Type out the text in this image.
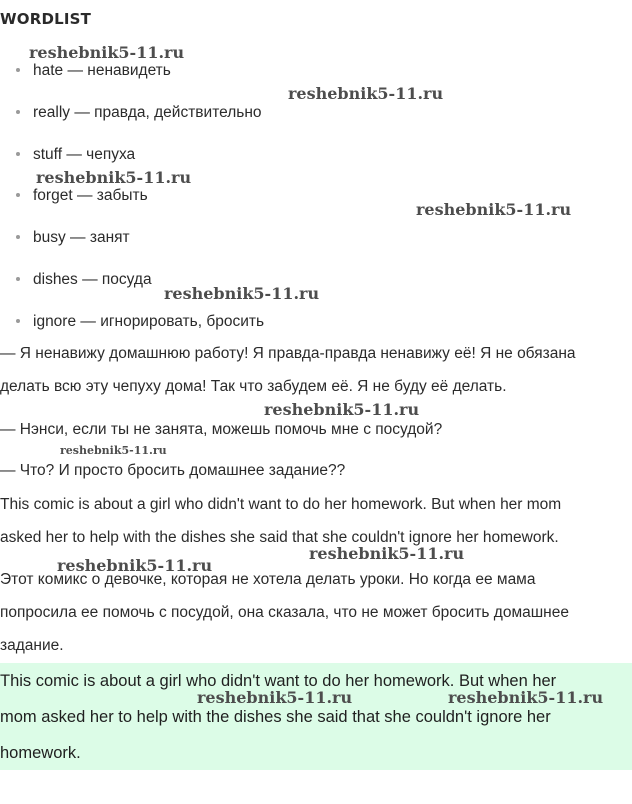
WORDLIST
hate — ненавидеть
really — правда, действительно
stuff — чепуха
forget — забыть
busy — занят
dishes — посуда
ignore — игнорировать, бросить
— Я ненавижу домашнюю работу! Я правда-правда ненавижу её! Я не обязана
делать всю эту чепуху дома! Так что забудем её. Я не буду её делать.
— Нэнси, если ты не занята, можешь помочь мне с посудой?
— Что? И просто бросить домашнее задание??
This comic is about a girl who didn't want to do her homework. But when her mom
asked her to help with the dishes she said that she couldn't ignore her homework.
Этот комикс о девочке, которая не хотела делать уроки. Но когда ее мама
попросила ее помочь с посудой, она сказала, что не может бросить домашнее
задание.
This comic is about a girl who didn't want to do her homework. But when her
mom asked her to help with the dishes she said that she couldn't ignore her
homework.
reshebnik5-11.ru
reshebnik5-11.ru
reshebnik5-11.ru
reshebnik5-11.ru
reshebnik5-11.ru
reshebnik5-11.ru
reshebnik5-11.ru
reshebnik5-11.ru
reshebnik5-11.ru
reshebnik5-11.ru	reshebnik5-11.ru
